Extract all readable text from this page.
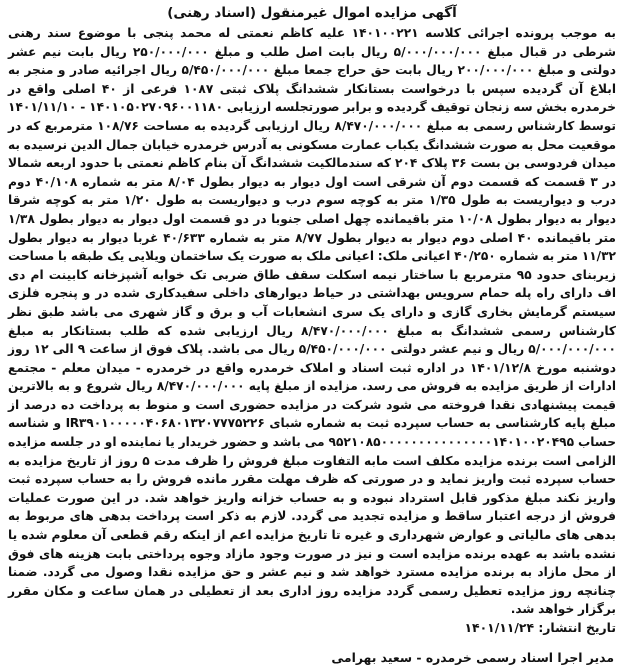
آگهی مزایده اموال غیرمنقول (اسناد رهنی)

به موجب پرونده اجرائی کلاسه ۱۴۰۱۰۰۲۲۱ علیه کاظم نعمتی له محمد پنجی با موضوع سند رهنی شرطی در قبال مبلغ ۵/۰۰۰/۰۰۰/۰۰۰ ریال بابت اصل طلب و مبلغ ۲۵۰/۰۰۰/۰۰۰ ریال بابت نیم عشر دولتی و مبلغ ۲۰۰/۰۰۰/۰۰۰ ریال بابت حق حراج جمعا مبلغ ۵/۴۵۰/۰۰۰/۰۰۰ ریال اجرائیه صادر و منجر به ابلاغ آن گردیده سپس با درخواست بستانکار ششدانگ پلاک ثبتی ۱۰۸۷ فرعی از ۴۰ اصلی واقع در خرمدره بخش سه زنجان توقیف گردیده و برابر صورتجلسه ارزیابی ۱۴۰۱۰۵۰۲۷۰۹۶۰۰۱۱۸۰ - ۱۴۰۱/۱۱/۱۰ توسط کارشناس رسمی به مبلغ ۸/۴۷۰/۰۰۰/۰۰۰ ریال ارزیابی گردیده به مساحت ۱۰۸/۷۶ مترمربع که در موقعیت محل به صورت ششدانگ یکباب عمارت مسکونی به آدرس خرمدره خیابان جمال الدین نرسیده به میدان فردوسی بن بست ۳۶ پلاک ۲۰۴ که سندمالکیت ششدانگ آن بنام کاظم نعمتی با حدود اربعه شمالا در ۳ قسمت که قسمت دوم آن شرقی است اول دیوار به دیوار بطول ۸/۰۴ متر به شماره ۴۰/۱۰۸ دوم درب و دیواریست به طول ۱/۳۵ متر به کوچه سوم درب و دیواریست به طول ۱/۲۰ متر به کوچه شرقا دیوار به دیوار بطول ۱۰/۰۸ متر باقیمانده چهل اصلی جنوبا در دو قسمت اول دیوار به دیوار بطول ۱/۳۸ متر باقیمانده ۴۰ اصلی دوم دیوار به دیوار بطول ۸/۷۷ متر به شماره ۴۰/۶۳۳ غربا دیوار به دیوار بطول ۱۱/۳۲ متر به شماره ۴۰/۲۵۰ اعیانی ملک: اعیانی ملک به صورت یک ساختمان ویلایی یک طبقه با مساحت زیربنای حدود ۹۵ مترمربع با ساختار نیمه اسکلت سقف طاق ضربی تک خوابه آشپزخانه کابینت ام دی اف دارای راه پله حمام سرویس بهداشتی در حیاط دیوارهای داخلی سفیدکاری شده در و پنجره فلزی سیستم گرمایش بخاری گازی و دارای یک سری انشعابات آب و برق و گاز شهری می باشد طبق نظر کارشناس رسمی ششدانگ به مبلغ ۸/۴۷۰/۰۰۰/۰۰۰ ریال ارزیابی شده که طلب بستانکار به مبلغ ۵/۰۰۰/۰۰۰/۰۰۰ ریال و نیم عشر دولتی ۵/۴۵۰/۰۰۰/۰۰۰ ریال می باشد. پلاک فوق از ساعت ۹ الی ۱۲ روز دوشنبه مورخ ۱۴۰۱/۱۲/۸ در اداره ثبت اسناد و املاک خرمدره واقع در خرمدره - میدان معلم - مجتمع ادارات از طریق مزایده به فروش می رسد. مزایده از مبلغ پایه ۸/۴۷۰/۰۰۰/۰۰۰ ریال شروع و به بالاترین قیمت پیشنهادی نقدا فروخته می شود شرکت در مزایده حضوری است و منوط به پرداخت ده درصد از مبلغ پایه کارشناسی به حساب سپرده ثبت به شماره شبای IR۳۹۰۱۰۰۰۰۰۴۰۶۸۰۱۳۲۰۷۷۷۵۲۲۶ و شناسه حساب ۹۵۲۱۰۸۵۰۰۰۰۰۰۰۰۰۰۰۰۰۰۰۱۴۰۱۰۰۲۰۴۹۵ می باشد و حضور خریدار یا نماینده او در جلسه مزایده الزامی است برنده مزایده مکلف است مابه التفاوت مبلغ فروش را ظرف مدت ۵ روز از تاریخ مزایده به حساب سپرده ثبت واریز نماید و در صورتی که ظرف مهلت مقرر مانده فروش را به حساب سپرده ثبت واریز نکند مبلغ مذکور قابل استرداد نبوده و به حساب خزانه واریز خواهد شد. در این صورت عملیات فروش از درجه اعتبار ساقط و مزایده تجدید می گردد. لازم به ذکر است پرداخت بدهی های مربوط به بدهی های مالیاتی و عوارض شهرداری و غیره تا تاریخ مزایده اعم از اینکه رقم قطعی آن معلوم شده یا نشده باشد به عهده برنده مزایده است و نیز در صورت وجود مازاد وجوه پرداختی بابت هزینه های فوق از محل مازاد به برنده مزایده مسترد خواهد شد و نیم عشر و حق مزایده نقدا وصول می گردد. ضمنا چنانچه روز مزایده تعطیل رسمی گردد مزایده روز اداری بعد از تعطیلی در همان ساعت و مکان مقرر برگزار خواهد شد.

تاریخ انتشار: ۱۴۰۱/۱۱/۲۴
مدیر اجرا اسناد رسمی خرمدره - سعید بهرامی
